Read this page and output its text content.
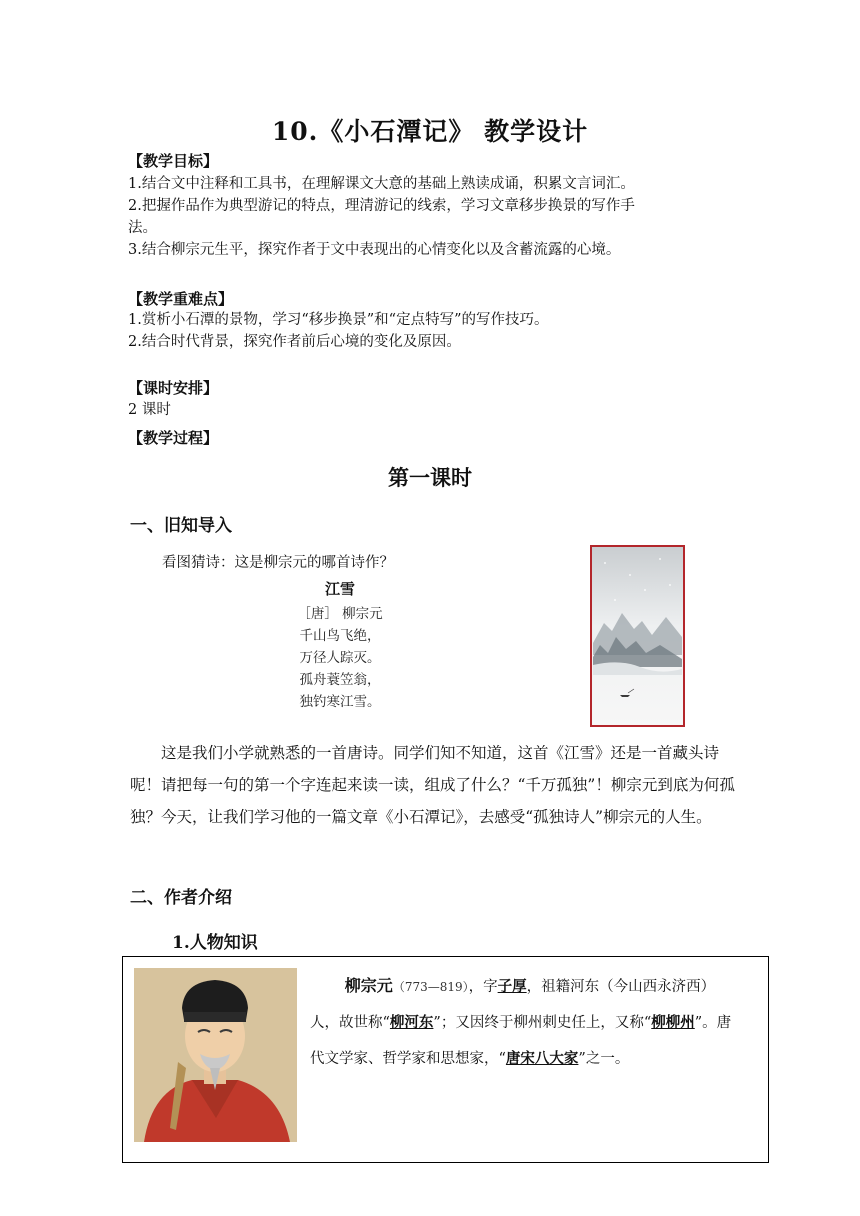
10.《小石潭记》 教学设计
【教学目标】
1.结合文中注释和工具书，在理解课文大意的基础上熟读成诵，积累文言词汇。
2.把握作品作为典型游记的特点，理清游记的线索，学习文章移步换景的写作手
法。
3.结合柳宗元生平，探究作者于文中表现出的心情变化以及含蓄流露的心境。
【教学重难点】
1.赏析小石潭的景物，学习“移步换景”和“定点特写”的写作技巧。
2.结合时代背景，探究作者前后心境的变化及原因。
【课时安排】
2 课时
【教学过程】
第一课时
一、旧知导入
看图猜诗：这是柳宗元的哪首诗作？
江雪
［唐］ 柳宗元
千山鸟飞绝，
万径人踪灭。
孤舟蓑笠翁，
独钓寒江雪。
这是我们小学就熟悉的一首唐诗。同学们知不知道，这首《江雪》还是一首藏头诗呢！请把每一句的第一个字连起来读一读，组成了什么？“千万孤独”！柳宗元到底为何孤独？今天，让我们学习他的一篇文章《小石潭记》，去感受“孤独诗人”柳宗元的人生。
二、作者介绍
1.人物知识
柳宗元（773—819），字子厚，祖籍河东（今山西永济西）人，故世称“柳河东”；又因终于柳州刺史任上，又称“柳柳州”。唐代文学家、哲学家和思想家，“唐宋八大家”之一。
